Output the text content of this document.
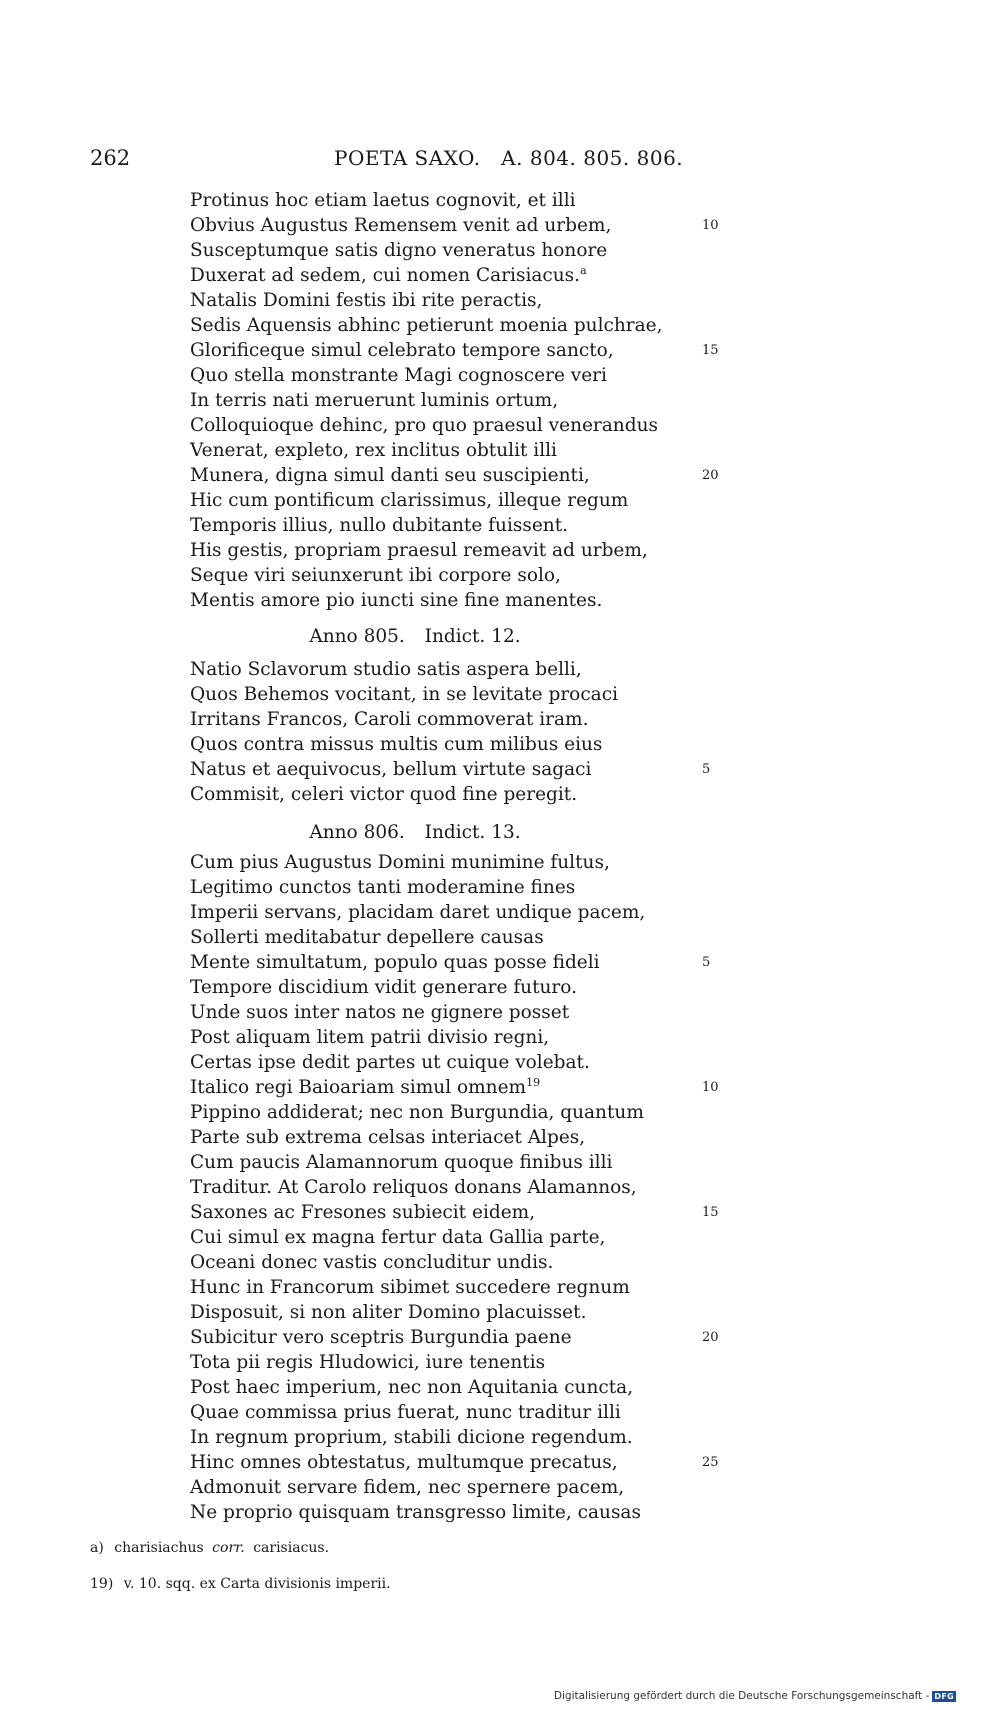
262	POETA SAXO.   A. 804. 805. 806.
Protinus hoc etiam laetus cognovit, et illi
Obvius Augustus Remensem venit ad urbem,	10
Susceptumque satis digno veneratus honore
Duxerat ad sedem, cui nomen Carisiacus.$^a$
Natalis Domini festis ibi rite peractis,
Sedis Aquensis abhinc petierunt moenia pulchrae,
Glorificeque simul celebrato tempore sancto,	15
Quo stella monstrante Magi cognoscere veri
In terris nati meruerunt luminis ortum,
Colloquioque dehinc, pro quo praesul venerandus
Venerat, expleto, rex inclitus obtulit illi
Munera, digna simul danti seu suscipienti,	20
Hic cum pontificum clarissimus, illeque regum
Temporis illius, nullo dubitante fuissent.
His gestis, propriam praesul remeavit ad urbem,
Seque viri seiunxerunt ibi corpore solo,
Mentis amore pio iuncti sine fine manentes.
Anno 805. Indict. 12.
Natio Sclavorum studio satis aspera belli,
Quos Behemos vocitant, in se levitate procaci
Irritans Francos, Caroli commoverat iram.
Quos contra missus multis cum milibus eius
Natus et aequivocus, bellum virtute sagaci	5
Commisit, celeri victor quod fine peregit.
Anno 806. Indict. 13.
Cum pius Augustus Domini munimine fultus,
Legitimo cunctos tanti moderamine fines
Imperii servans, placidam daret undique pacem,
Sollerti meditabatur depellere causas
Mente simultatum, populo quas posse fideli	5
Tempore discidium vidit generare futuro.
Unde suos inter natos ne gignere posset
Post aliquam litem patrii divisio regni,
Certas ipse dedit partes ut cuique volebat.
Italico regi Baioariam simul omnem$^{19}$	10
Pippino addiderat; nec non Burgundia, quantum
Parte sub extrema celsas interiacet Alpes,
Cum paucis Alamannorum quoque finibus illi
Traditur. At Carolo reliquos donans Alamannos,
Saxones ac Fresones subiecit eidem,	15
Cui simul ex magna fertur data Gallia parte,
Oceani donec vastis concluditur undis.
Hunc in Francorum sibimet succedere regnum
Disposuit, si non aliter Domino placuisset.
Subicitur vero sceptris Burgundia paene	20
Tota pii regis Hludowici, iure tenentis
Post haec imperium, nec non Aquitania cuncta,
Quae commissa prius fuerat, nunc traditur illi
In regnum proprium, stabili dicione regendum.
Hinc omnes obtestatus, multumque precatus,	25
Admonuit servare fidem, nec spernere pacem,
Ne proprio quisquam transgresso limite, causas
a) charisiachus corr. carisiacus.
19) v. 10. sqq. ex Carta divisionis imperii.
Digitalisierung gefördert durch die Deutsche Forschungsgemeinschaft - DFG
